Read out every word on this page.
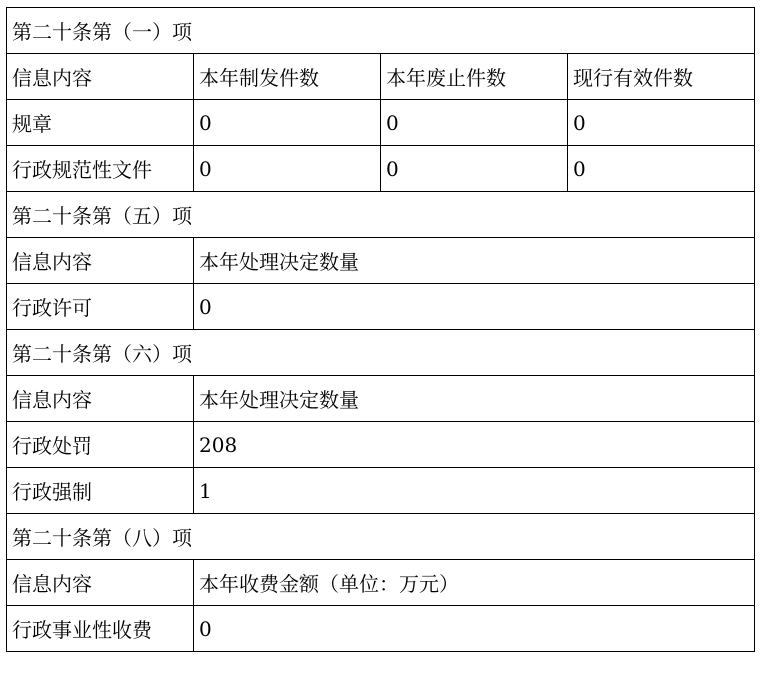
第二十条第（一）项			
信息内容	本年制发件数	本年废止件数	现行有效件数
规章	0	0	0
行政规范性文件	0	0	0
第二十条第（五）项			
信息内容	本年处理决定数量		
行政许可	0		
第二十条第（六）项			
信息内容	本年处理决定数量		
行政处罚	208		
行政强制	1		
第二十条第（八）项			
信息内容	本年收费金额（单位：万元）		
行政事业性收费	0		
